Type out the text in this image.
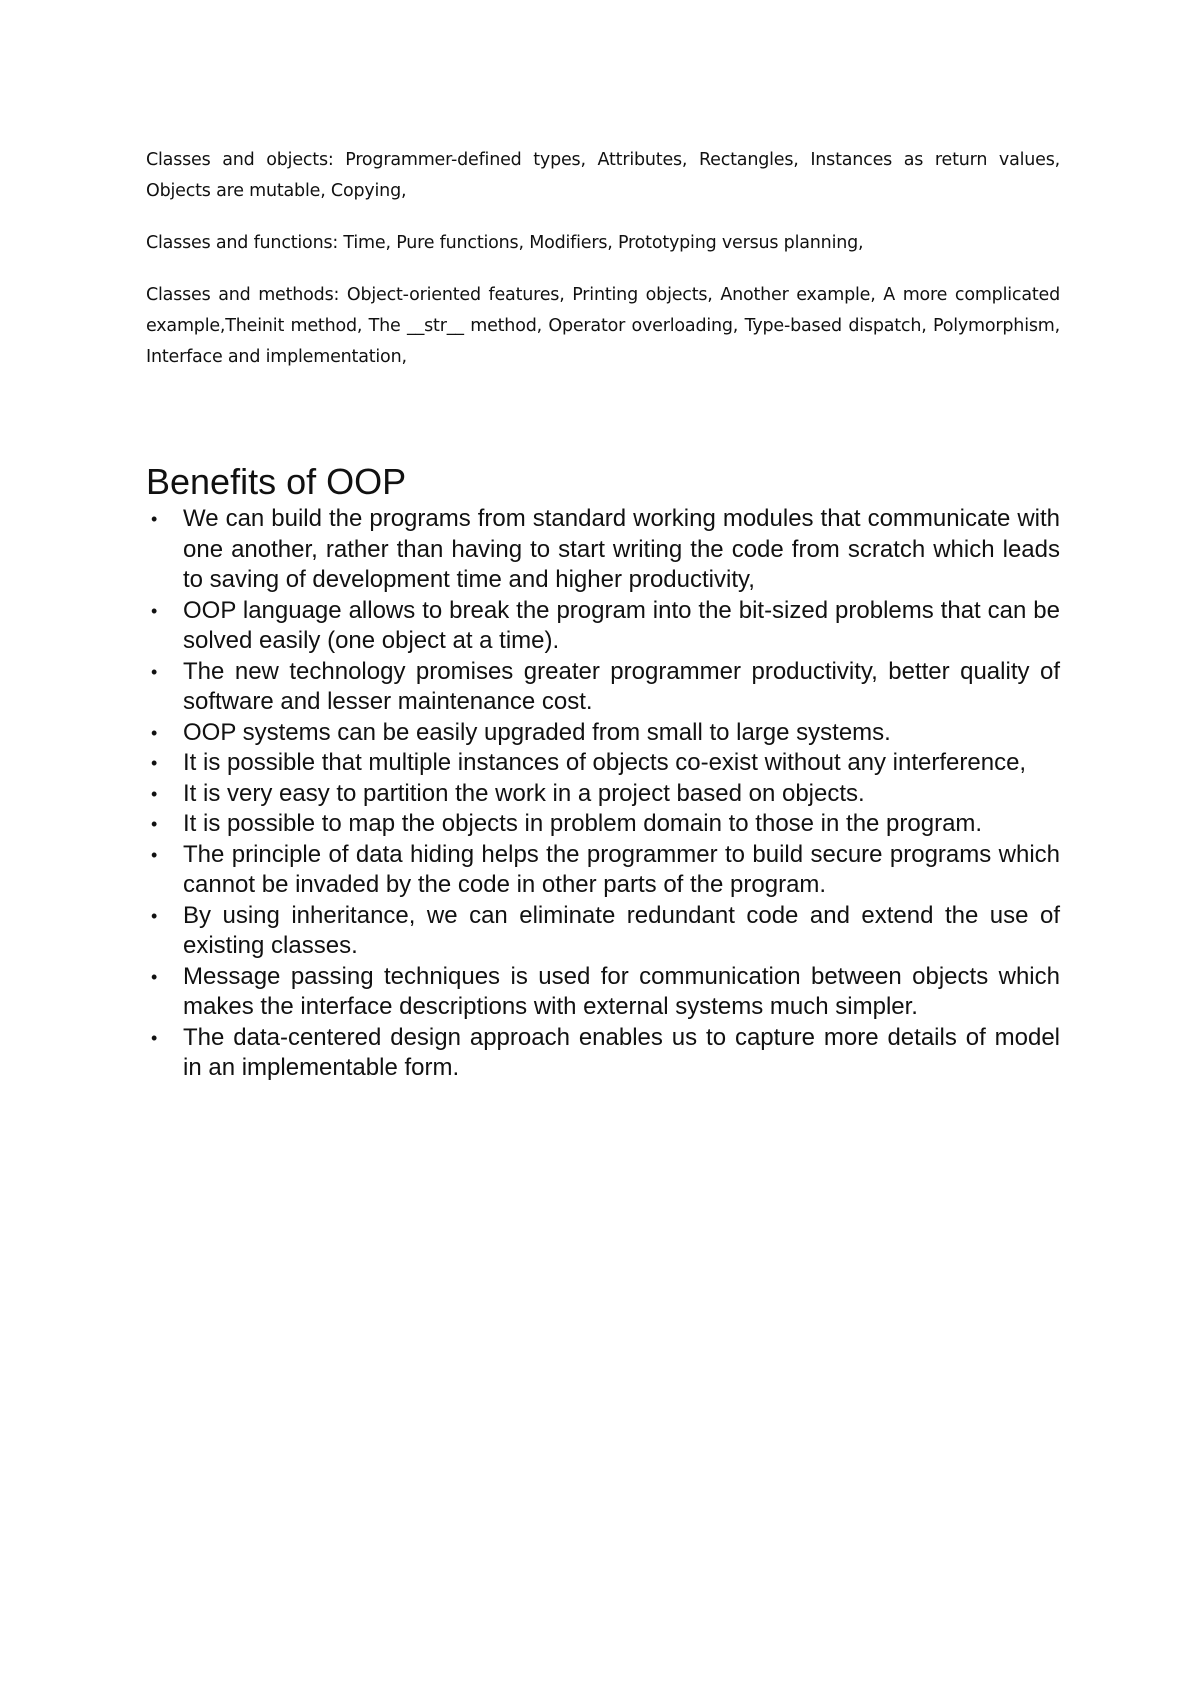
Classes and objects: Programmer-defined types, Attributes, Rectangles, Instances as return values, Objects are mutable, Copying,

Classes and functions: Time, Pure functions, Modifiers, Prototyping versus planning,

Classes and methods: Object-oriented features, Printing objects, Another example, A more complicated example,Theinit method, The __str__ method, Operator overloading, Type-based dispatch, Polymorphism, Interface and implementation,

Benefits of OOP
• We can build the programs from standard working modules that communicate with one another, rather than having to start writing the code from scratch which leads to saving of development time and higher productivity,
• OOP language allows to break the program into the bit-sized problems that can be solved easily (one object at a time).
• The new technology promises greater programmer productivity, better quality of software and lesser maintenance cost.
• OOP systems can be easily upgraded from small to large systems.
• It is possible that multiple instances of objects co-exist without any interference,
• It is very easy to partition the work in a project based on objects.
• It is possible to map the objects in problem domain to those in the program.
• The principle of data hiding helps the programmer to build secure programs which cannot be invaded by the code in other parts of the program.
• By using inheritance, we can eliminate redundant code and extend the use of existing classes.
• Message passing techniques is used for communication between objects which makes the interface descriptions with external systems much simpler.
• The data-centered design approach enables us to capture more details of model in an implementable form.
